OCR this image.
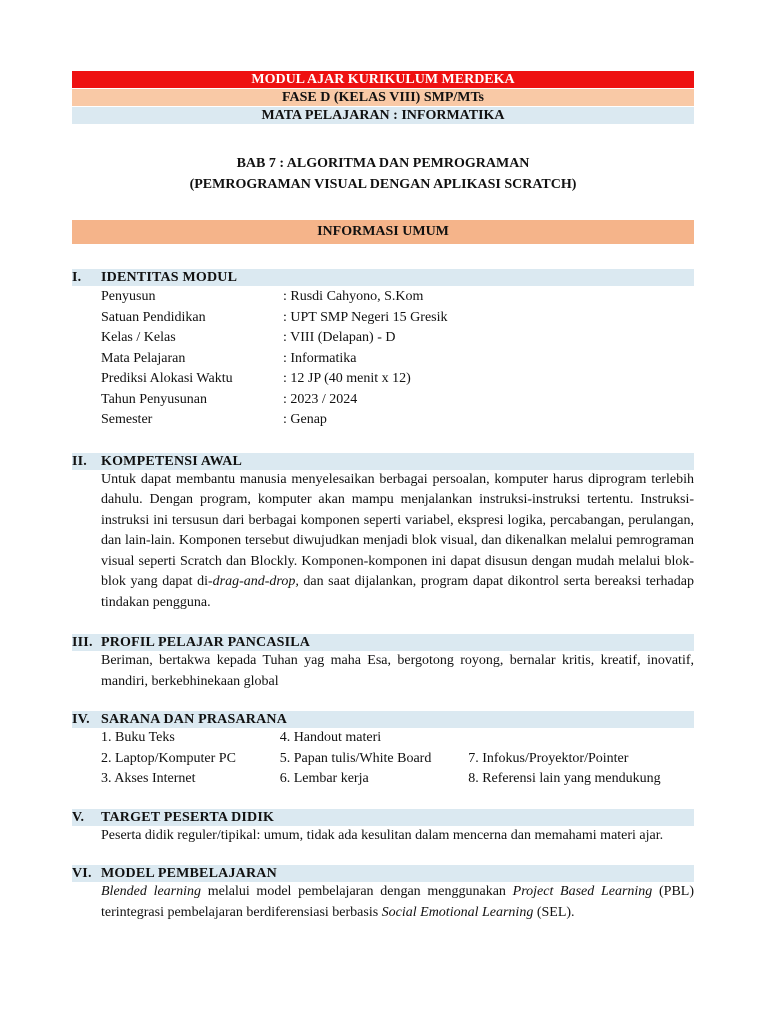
MODUL AJAR KURIKULUM MERDEKA
FASE D (KELAS VIII) SMP/MTs
MATA PELAJARAN : INFORMATIKA
BAB 7 : ALGORITMA DAN PEMROGRAMAN
(PEMROGRAMAN VISUAL DENGAN APLIKASI SCRATCH)
INFORMASI UMUM
I. IDENTITAS MODUL
Penyusun	: Rusdi Cahyono, S.Kom
Satuan Pendidikan	: UPT SMP Negeri 15 Gresik
Kelas / Kelas	: VIII (Delapan) - D
Mata Pelajaran	: Informatika
Prediksi Alokasi Waktu	: 12 JP (40 menit x 12)
Tahun Penyusunan	: 2023 / 2024
Semester	: Genap
II. KOMPETENSI AWAL
Untuk dapat membantu manusia menyelesaikan berbagai persoalan, komputer harus diprogram terlebih dahulu. Dengan program, komputer akan mampu menjalankan instruksi-instruksi tertentu. Instruksi-instruksi ini tersusun dari berbagai komponen seperti variabel, ekspresi logika, percabangan, perulangan, dan lain-lain. Komponen tersebut diwujudkan menjadi blok visual, dan dikenalkan melalui pemrograman visual seperti Scratch dan Blockly. Komponen-komponen ini dapat disusun dengan mudah melalui blok-blok yang dapat di-drag-and-drop, dan saat dijalankan, program dapat dikontrol serta bereaksi terhadap tindakan pengguna.
III. PROFIL PELAJAR PANCASILA
Beriman, bertakwa kepada Tuhan yag maha Esa, bergotong royong, bernalar kritis, kreatif, inovatif, mandiri, berkebhinekaan global
IV. SARANA DAN PRASARANA
1. Buku Teks
2. Laptop/Komputer PC
3. Akses Internet
4. Handout materi
5. Papan tulis/White Board
6. Lembar kerja
7. Infokus/Proyektor/Pointer
8. Referensi lain yang mendukung
V. TARGET PESERTA DIDIK
Peserta didik reguler/tipikal: umum, tidak ada kesulitan dalam mencerna dan memahami materi ajar.
VI. MODEL PEMBELAJARAN
Blended learning melalui model pembelajaran dengan menggunakan Project Based Learning (PBL) terintegrasi pembelajaran berdiferensiasi berbasis Social Emotional Learning (SEL).
